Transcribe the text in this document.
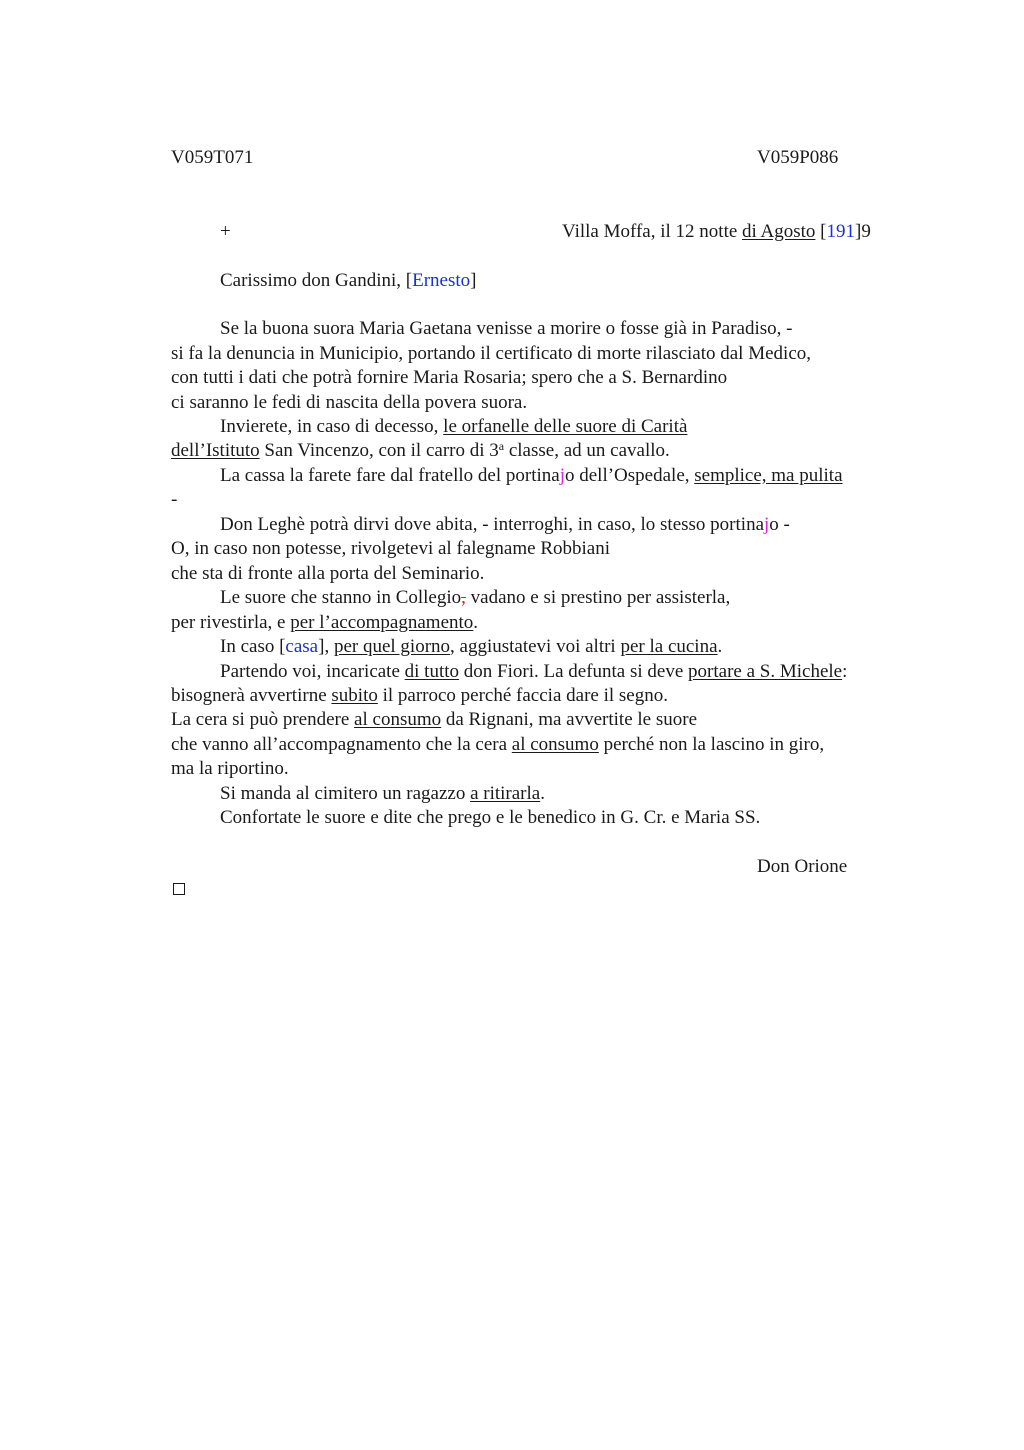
V059T071	V059P086
+	Villa Moffa, il 12 notte di Agosto [191]9
Carissimo don Gandini, [Ernesto]
Se la buona suora Maria Gaetana venisse a morire o fosse già in Paradiso, -
si fa la denuncia in Municipio, portando il certificato di morte rilasciato dal Medico,
con tutti i dati che potrà fornire Maria Rosaria; spero che a S. Bernardino
ci saranno le fedi di nascita della povera suora.
Invierete, in caso di decesso, le orfanelle delle suore di Carità
dell’Istituto San Vincenzo, con il carro di 3$^a$ classe, ad un cavallo.
La cassa la farete fare dal fratello del portinajo dell’Ospedale, semplice, ma pulita
-
Don Leghè potrà dirvi dove abita, - interroghi, in caso, lo stesso portinajo -
O, in caso non potesse, rivolgetevi al falegname Robbiani
che sta di fronte alla porta del Seminario.
Le suore che stanno in Collegio, vadano e si prestino per assisterla,
per rivestirla, e per l’accompagnamento.
In caso [casa], per quel giorno, aggiustatevi voi altri per la cucina.
Partendo voi, incaricate di tutto don Fiori. La defunta si deve portare a S. Michele:
bisognerà avvertirne subito il parroco perché faccia dare il segno.
La cera si può prendere al consumo da Rignani, ma avvertite le suore
che vanno all’accompagnamento che la cera al consumo perché non la lascino in giro,
ma la riportino.
Si manda al cimitero un ragazzo a ritirarla.
Confortate le suore e dite che prego e le benedico in G. Cr. e Maria SS.
Don Orione
